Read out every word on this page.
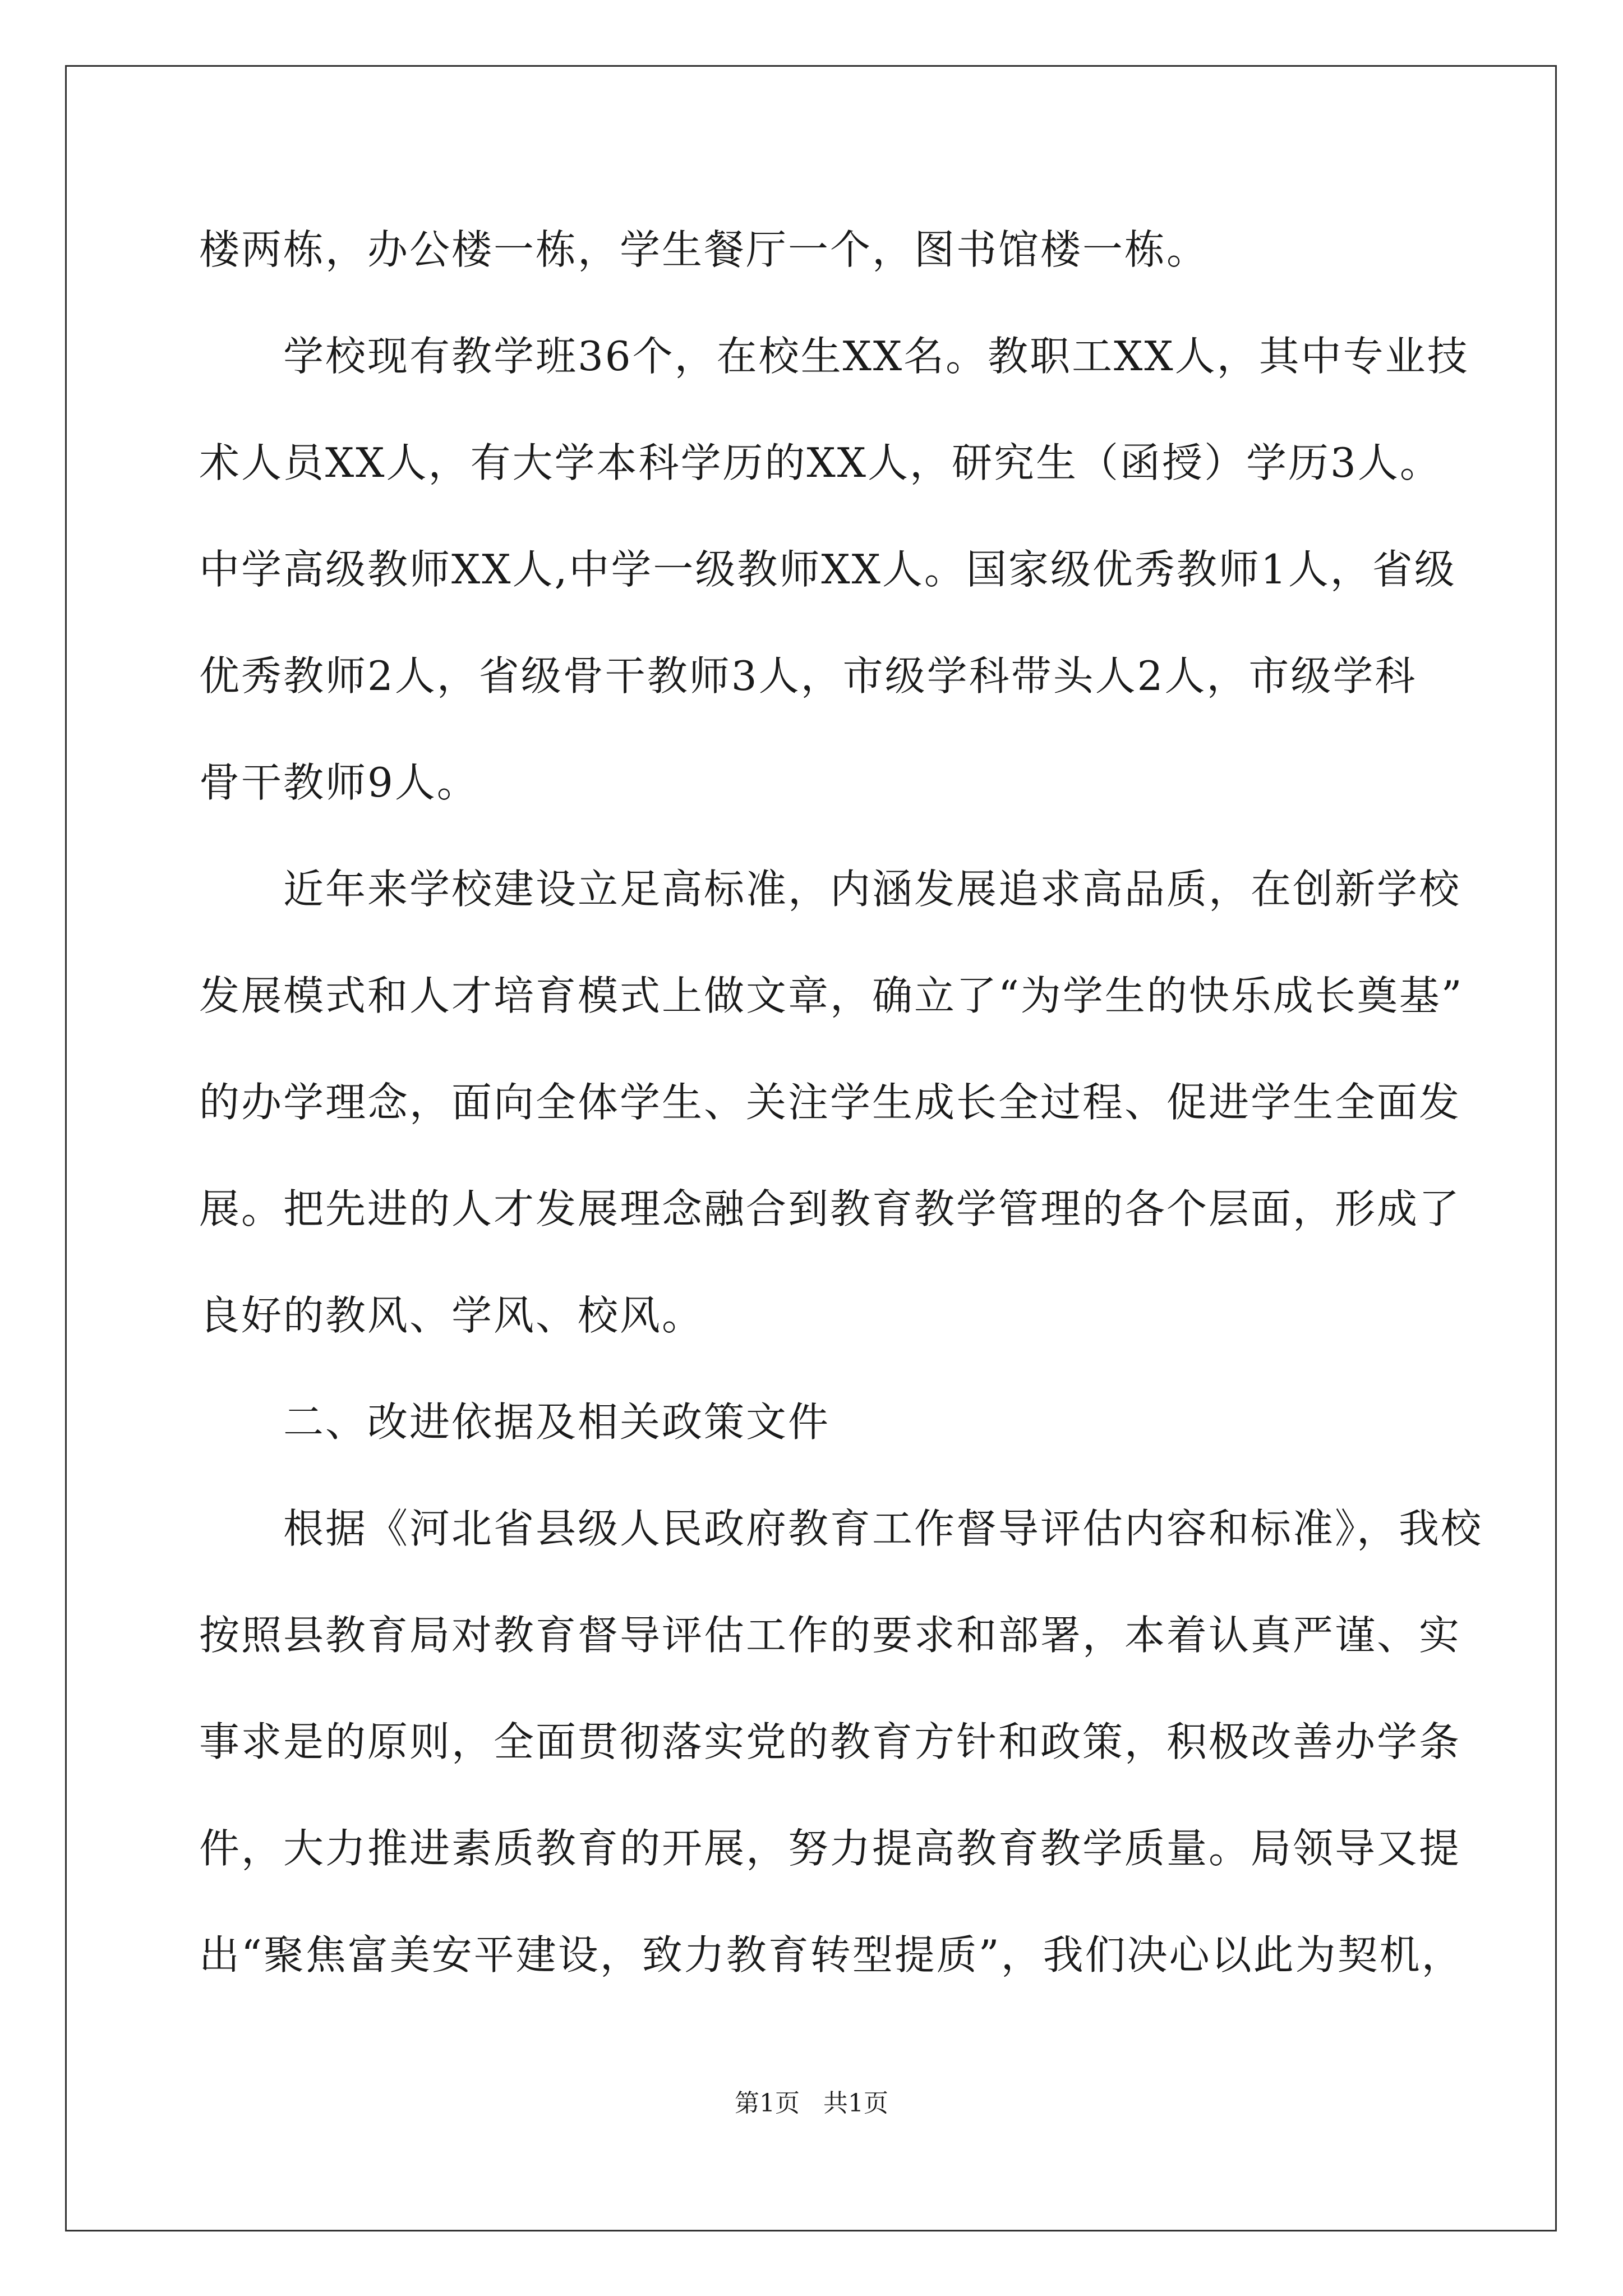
楼两栋，办公楼一栋，学生餐厅一个，图书馆楼一栋。
学校现有教学班36个，在校生XX名。教职工XX人，其中专业技
术人员XX人，有大学本科学历的XX人，研究生（函授）学历3人。
中学高级教师XX人,中学一级教师XX人。国家级优秀教师1人，省级
优秀教师2人，省级骨干教师3人，市级学科带头人2人，市级学科
骨干教师9人。
近年来学校建设立足高标准，内涵发展追求高品质，在创新学校
发展模式和人才培育模式上做文章，确立了“为学生的快乐成长奠基”
的办学理念，面向全体学生、关注学生成长全过程、促进学生全面发
展。把先进的人才发展理念融合到教育教学管理的各个层面，形成了
良好的教风、学风、校风。
二、改进依据及相关政策文件
根据《河北省县级人民政府教育工作督导评估内容和标准》，我校
按照县教育局对教育督导评估工作的要求和部署，本着认真严谨、实
事求是的原则，全面贯彻落实党的教育方针和政策，积极改善办学条
件，大力推进素质教育的开展，努力提高教育教学质量。局领导又提
出“聚焦富美安平建设，致力教育转型提质”，我们决心以此为契机，
第1页   共1页
